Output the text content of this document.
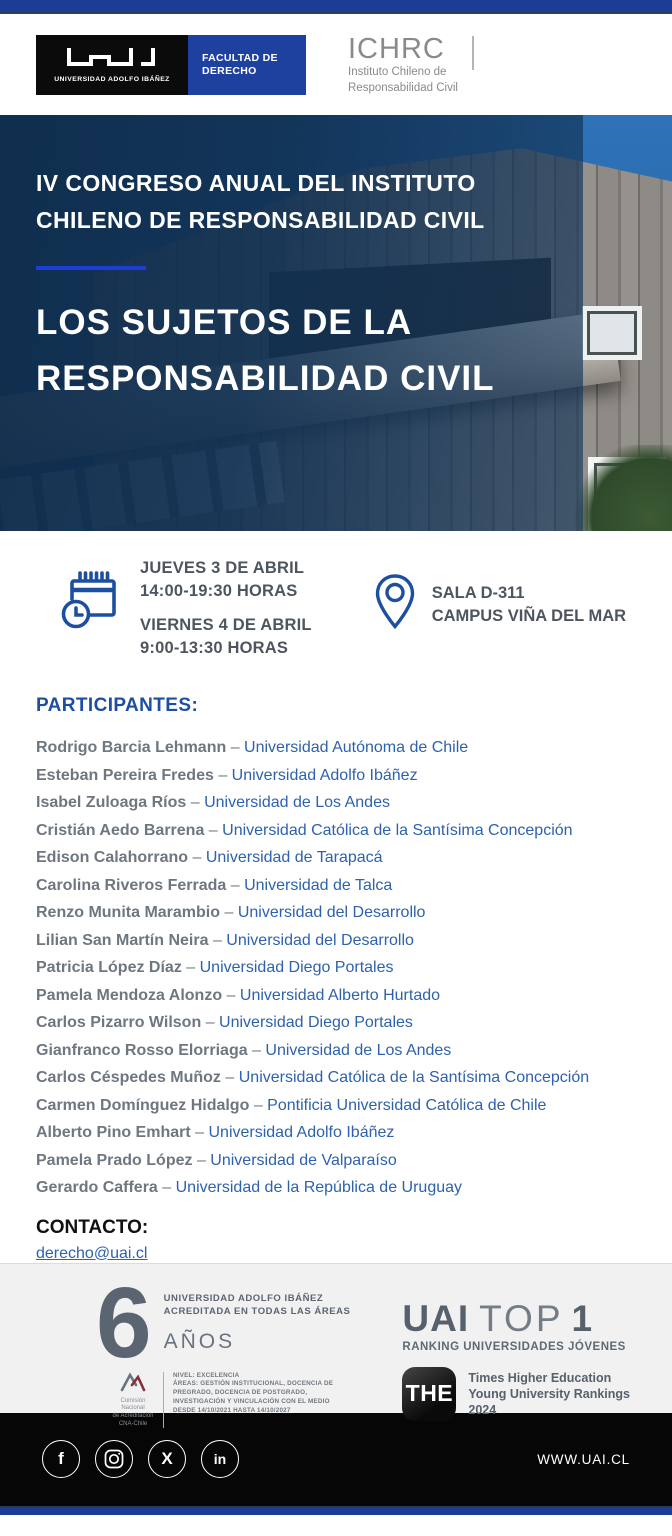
UNIVERSIDAD ADOLFO IBÁÑEZ
FACULTAD DE
DERECHO
ICHRC
Instituto Chileno de
Responsabilidad Civil
IV CONGRESO ANUAL DEL INSTITUTO
CHILENO DE RESPONSABILIDAD CIVIL
LOS SUJETOS DE LA
RESPONSABILIDAD CIVIL
JUEVES 3 DE ABRIL
14:00-19:30 HORAS
VIERNES 4 DE ABRIL
9:00-13:30 HORAS
SALA D-311
CAMPUS VIÑA DEL MAR
PARTICIPANTES:
Rodrigo Barcia Lehmann – Universidad Autónoma de Chile
Esteban Pereira Fredes – Universidad Adolfo Ibáñez
Isabel Zuloaga Ríos – Universidad de Los Andes
Cristián Aedo Barrena – Universidad Católica de la Santísima Concepción
Edison Calahorrano – Universidad de Tarapacá
Carolina Riveros Ferrada – Universidad de Talca
Renzo Munita Marambio – Universidad del Desarrollo
Lilian San Martín Neira – Universidad del Desarrollo
Patricia López Díaz – Universidad Diego Portales
Pamela Mendoza Alonzo – Universidad Alberto Hurtado
Carlos Pizarro Wilson – Universidad Diego Portales
Gianfranco Rosso Elorriaga – Universidad de Los Andes
Carlos Céspedes Muñoz – Universidad Católica de la Santísima Concepción
Carmen Domínguez Hidalgo – Pontificia Universidad Católica de Chile
Alberto Pino Emhart – Universidad Adolfo Ibáñez
Pamela Prado López – Universidad de Valparaíso
Gerardo Caffera – Universidad de la República de Uruguay
CONTACTO:
derecho@uai.cl
6 UNIVERSIDAD ADOLFO IBÁÑEZ
ACREDITADA EN TODAS LAS ÁREAS
AÑOS
Comisión Nacional
de Acreditación
CNA-Chile
NIVEL: EXCELENCIA
ÁREAS: GESTIÓN INSTITUCIONAL, DOCENCIA DE
PREGRADO, DOCENCIA DE POSTGRADO,
INVESTIGACIÓN Y VINCULACIÓN CON EL MEDIO
DESDE 14/10/2021 HASTA 14/10/2027
UAI TOP 1
RANKING UNIVERSIDADES JÓVENES
THE
Times Higher Education
Young University Rankings
2024
f	X	in	WWW.UAI.CL
